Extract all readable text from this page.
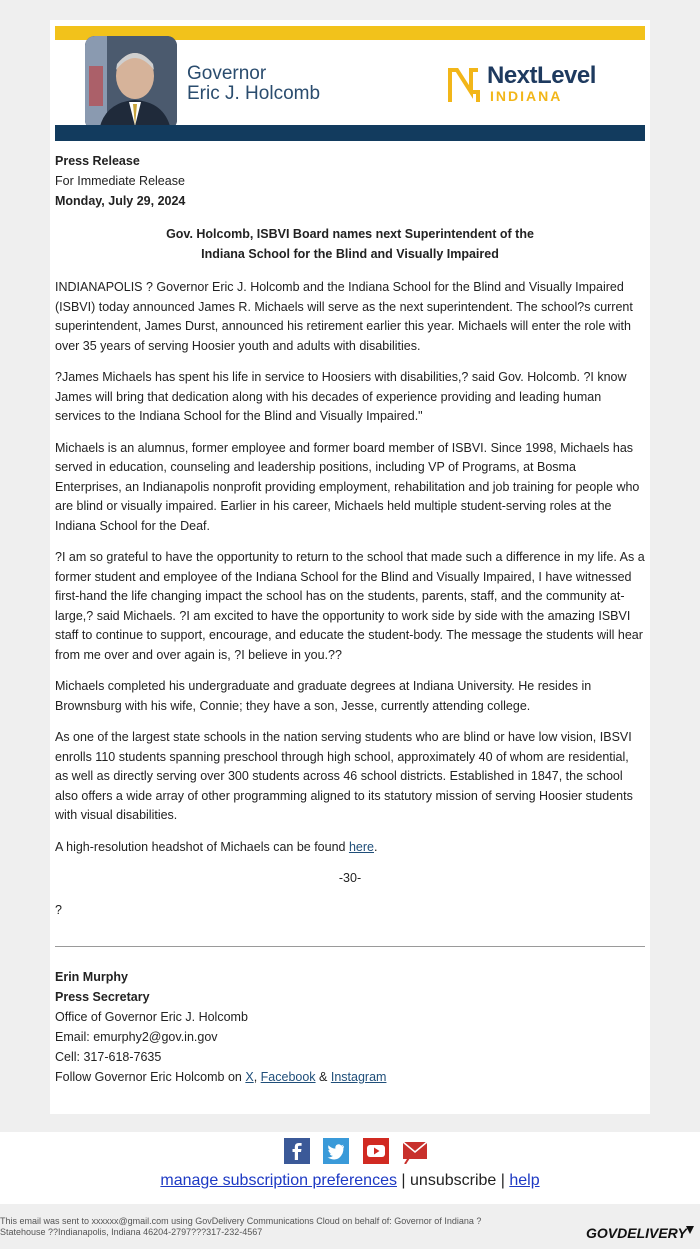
Governor
Eric J. Holcomb
NextLevel
INDIANA
Press Release
For Immediate Release
Monday, July 29, 2024
Gov. Holcomb, ISBVI Board names next Superintendent of the
Indiana School for the Blind and Visually Impaired

INDIANAPOLIS ? Governor Eric J. Holcomb and the Indiana School for the Blind and Visually Impaired (ISBVI) today announced James R. Michaels will serve as the next superintendent. The school?s current superintendent, James Durst, announced his retirement earlier this year. Michaels will enter the role with over 35 years of serving Hoosier youth and adults with disabilities.

?James Michaels has spent his life in service to Hoosiers with disabilities,? said Gov. Holcomb. ?I know James will bring that dedication along with his decades of experience providing and leading human services to the Indiana School for the Blind and Visually Impaired."

Michaels is an alumnus, former employee and former board member of ISBVI. Since 1998, Michaels has served in education, counseling and leadership positions, including VP of Programs, at Bosma Enterprises, an Indianapolis nonprofit providing employment, rehabilitation and job training for people who are blind or visually impaired. Earlier in his career, Michaels held multiple student-serving roles at the Indiana School for the Deaf.

?I am so grateful to have the opportunity to return to the school that made such a difference in my life. As a former student and employee of the Indiana School for the Blind and Visually Impaired, I have witnessed first-hand the life changing impact the school has on the students, parents, staff, and the community at-large,? said Michaels. ?I am excited to have the opportunity to work side by side with the amazing ISBVI staff to continue to support, encourage, and educate the student-body. The message the students will hear from me over and over again is, ?I believe in you.??

Michaels completed his undergraduate and graduate degrees at Indiana University. He resides in Brownsburg with his wife, Connie; they have a son, Jesse, currently attending college.

As one of the largest state schools in the nation serving students who are blind or have low vision, IBSVI enrolls 110 students spanning preschool through high school, approximately 40 of whom are residential, as well as directly serving over 300 students across 46 school districts. Established in 1847, the school also offers a wide array of other programming aligned to its statutory mission of serving Hoosier students with visual disabilities.

A high-resolution headshot of Michaels can be found here.

-30-

?

Erin Murphy
Press Secretary
Office of Governor Eric J. Holcomb
Email: emurphy2@gov.in.gov
Cell: 317-618-7635
Follow Governor Eric Holcomb on X, Facebook & Instagram

manage subscription preferences | unsubscribe | help
This email was sent to xxxxxx@gmail.com using GovDelivery Communications Cloud on behalf of: Governor of Indiana ?
Statehouse ??Indianapolis, Indiana 46204-2797???317-232-4567	GOVDELIVERY
